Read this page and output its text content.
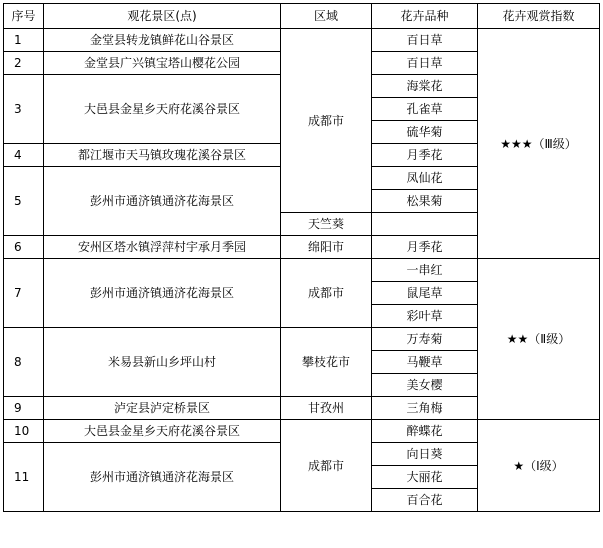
序号	观花景区(点)	区域	花卉品种	花卉观赏指数
1	金堂县转龙镇鲜花山谷景区	成都市	百日草	★★★（Ⅲ级）
2	金堂县广兴镇宝塔山樱花公园		百日草	
3	大邑县金星乡天府花溪谷景区		海棠花	
			孔雀草	
			硫华菊	
4	都江堰市天马镇玫瑰花溪谷景区		月季花	
5	彭州市通济镇通济花海景区		凤仙花	
			松果菊	
		天竺葵		
6	安州区塔水镇浮萍村宇承月季园	绵阳市	月季花	
7	彭州市通济镇通济花海景区	成都市	一串红	★★（Ⅱ级）
			鼠尾草	
			彩叶草	
8	米易县新山乡坪山村	攀枝花市	万寿菊	
			马鞭草	
			美女樱	
9	泸定县泸定桥景区	甘孜州	三角梅	
10	大邑县金星乡天府花溪谷景区	成都市	醉蝶花	★（Ⅰ级）
11	彭州市通济镇通济花海景区		向日葵	
			大丽花	
			百合花	
